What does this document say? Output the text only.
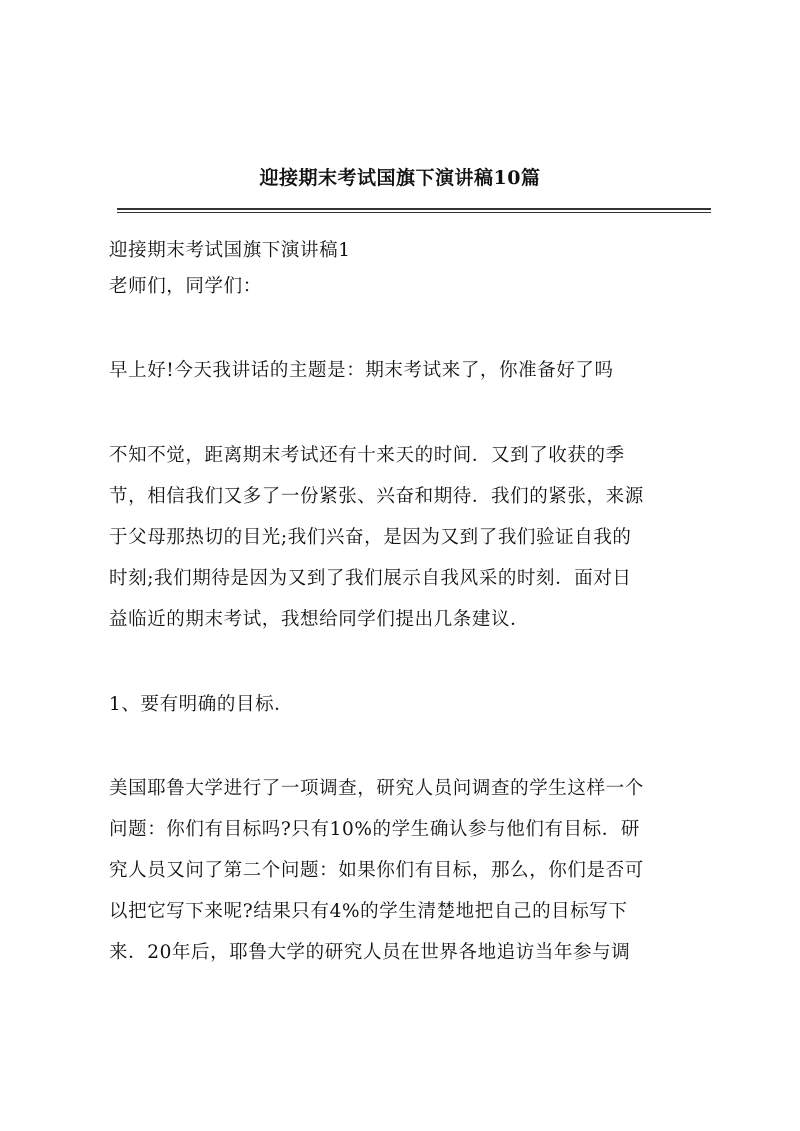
迎接期末考试国旗下演讲稿10篇
迎接期末考试国旗下演讲稿1
老师们，同学们：
早上好!今天我讲话的主题是：期末考试来了，你准备好了吗
不知不觉，距离期末考试还有十来天的时间．又到了收获的季
节，相信我们又多了一份紧张、兴奋和期待．我们的紧张，来源
于父母那热切的目光;我们兴奋，是因为又到了我们验证自我的
时刻;我们期待是因为又到了我们展示自我风采的时刻．面对日
益临近的期末考试，我想给同学们提出几条建议．
1、要有明确的目标．
美国耶鲁大学进行了一项调查，研究人员问调查的学生这样一个
问题：你们有目标吗?只有10%的学生确认参与他们有目标．研
究人员又问了第二个问题：如果你们有目标，那么，你们是否可
以把它写下来呢?结果只有4%的学生清楚地把自己的目标写下
来．20年后，耶鲁大学的研究人员在世界各地追访当年参与调
